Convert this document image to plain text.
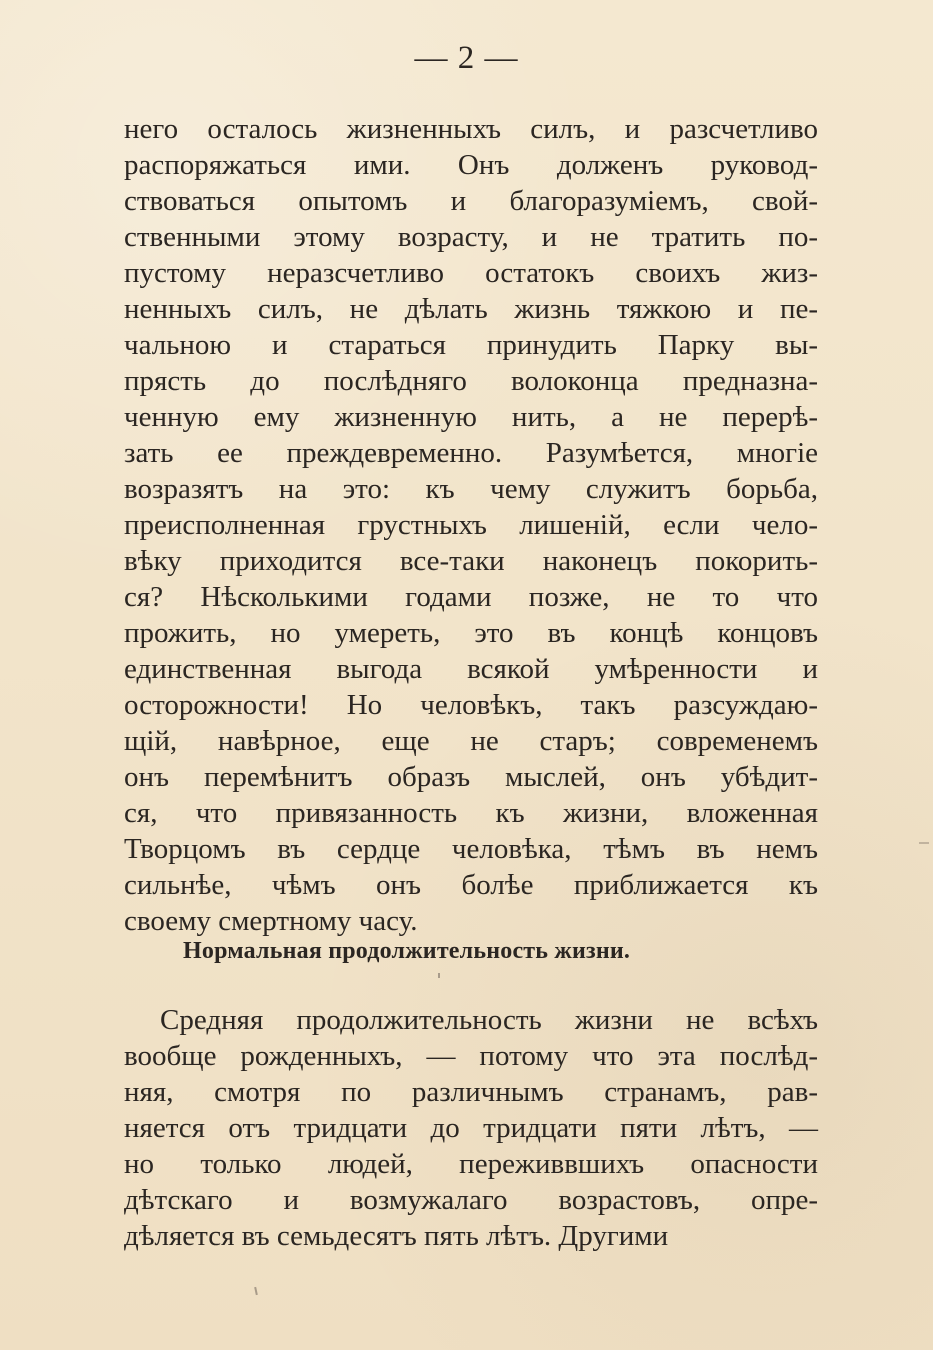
— 2 —
него осталось жизненныхъ силъ, и разсчетливо
распоряжаться ими. Онъ долженъ руковод-
ствоваться опытомъ и благоразуміемъ, свой-
ственными этому возрасту, и не тратить по-
пустому неразсчетливо остатокъ своихъ жиз-
ненныхъ силъ, не дѣлать жизнь тяжкою и пе-
чальною и стараться принудить Парку вы-
прясть до послѣдняго волоконца предназна-
ченную ему жизненную нить, а не перерѣ-
зать ее преждевременно. Разумѣется, многіе
возразятъ на это: къ чему служитъ борьба,
преисполненная грустныхъ лишеній, если чело-
вѣку приходится все-таки наконецъ покорить-
ся? Нѣсколькими годами позже, не то что
прожить, но умереть, это въ концѣ концовъ
единственная выгода всякой умѣренности и
осторожности! Но человѣкъ, такъ разсуждаю-
щій, навѣрное, еще не старъ; современемъ
онъ перемѣнитъ образъ мыслей, онъ убѣдит-
ся, что привязанность къ жизни, вложенная
Творцомъ въ сердце человѣка, тѣмъ въ немъ
сильнѣе, чѣмъ онъ болѣе приближается къ
своему смертному часу.
Нормальная продолжительность жизни.
Средняя продолжительность жизни не всѣхъ
вообще рожденныхъ, — потому что эта послѣд-
няя, смотря по различнымъ странамъ, рав-
няется отъ тридцати до тридцати пяти лѣтъ, —
но только людей, переживвшихъ опасности
дѣтскаго и возмужалаго возрастовъ, опре-
дѣляется въ семьдесятъ пять лѣтъ. Другими
